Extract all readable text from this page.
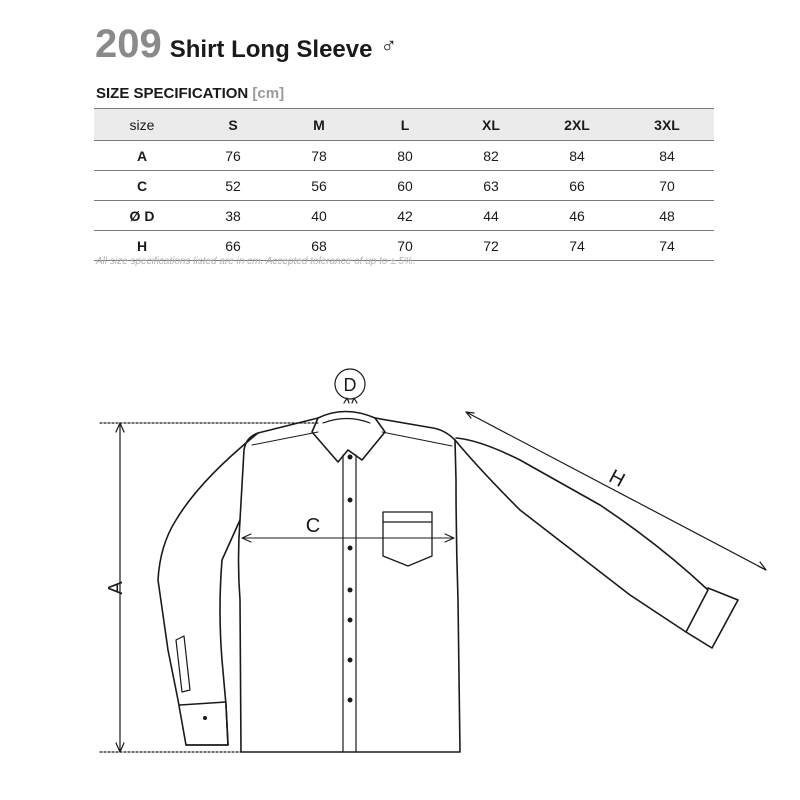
209 Shirt Long Sleeve ♂
SIZE SPECIFICATION [cm]
size	S	M	L	XL	2XL	3XL
A	76	78	80	82	84	84
C	52	56	60	63	66	70
Ø D	38	40	42	44	46	48
H	66	68	70	72	74	74
All size specifications listed are in cm. Accepted tolerance of up to ± 5%.
A
C
D
H
